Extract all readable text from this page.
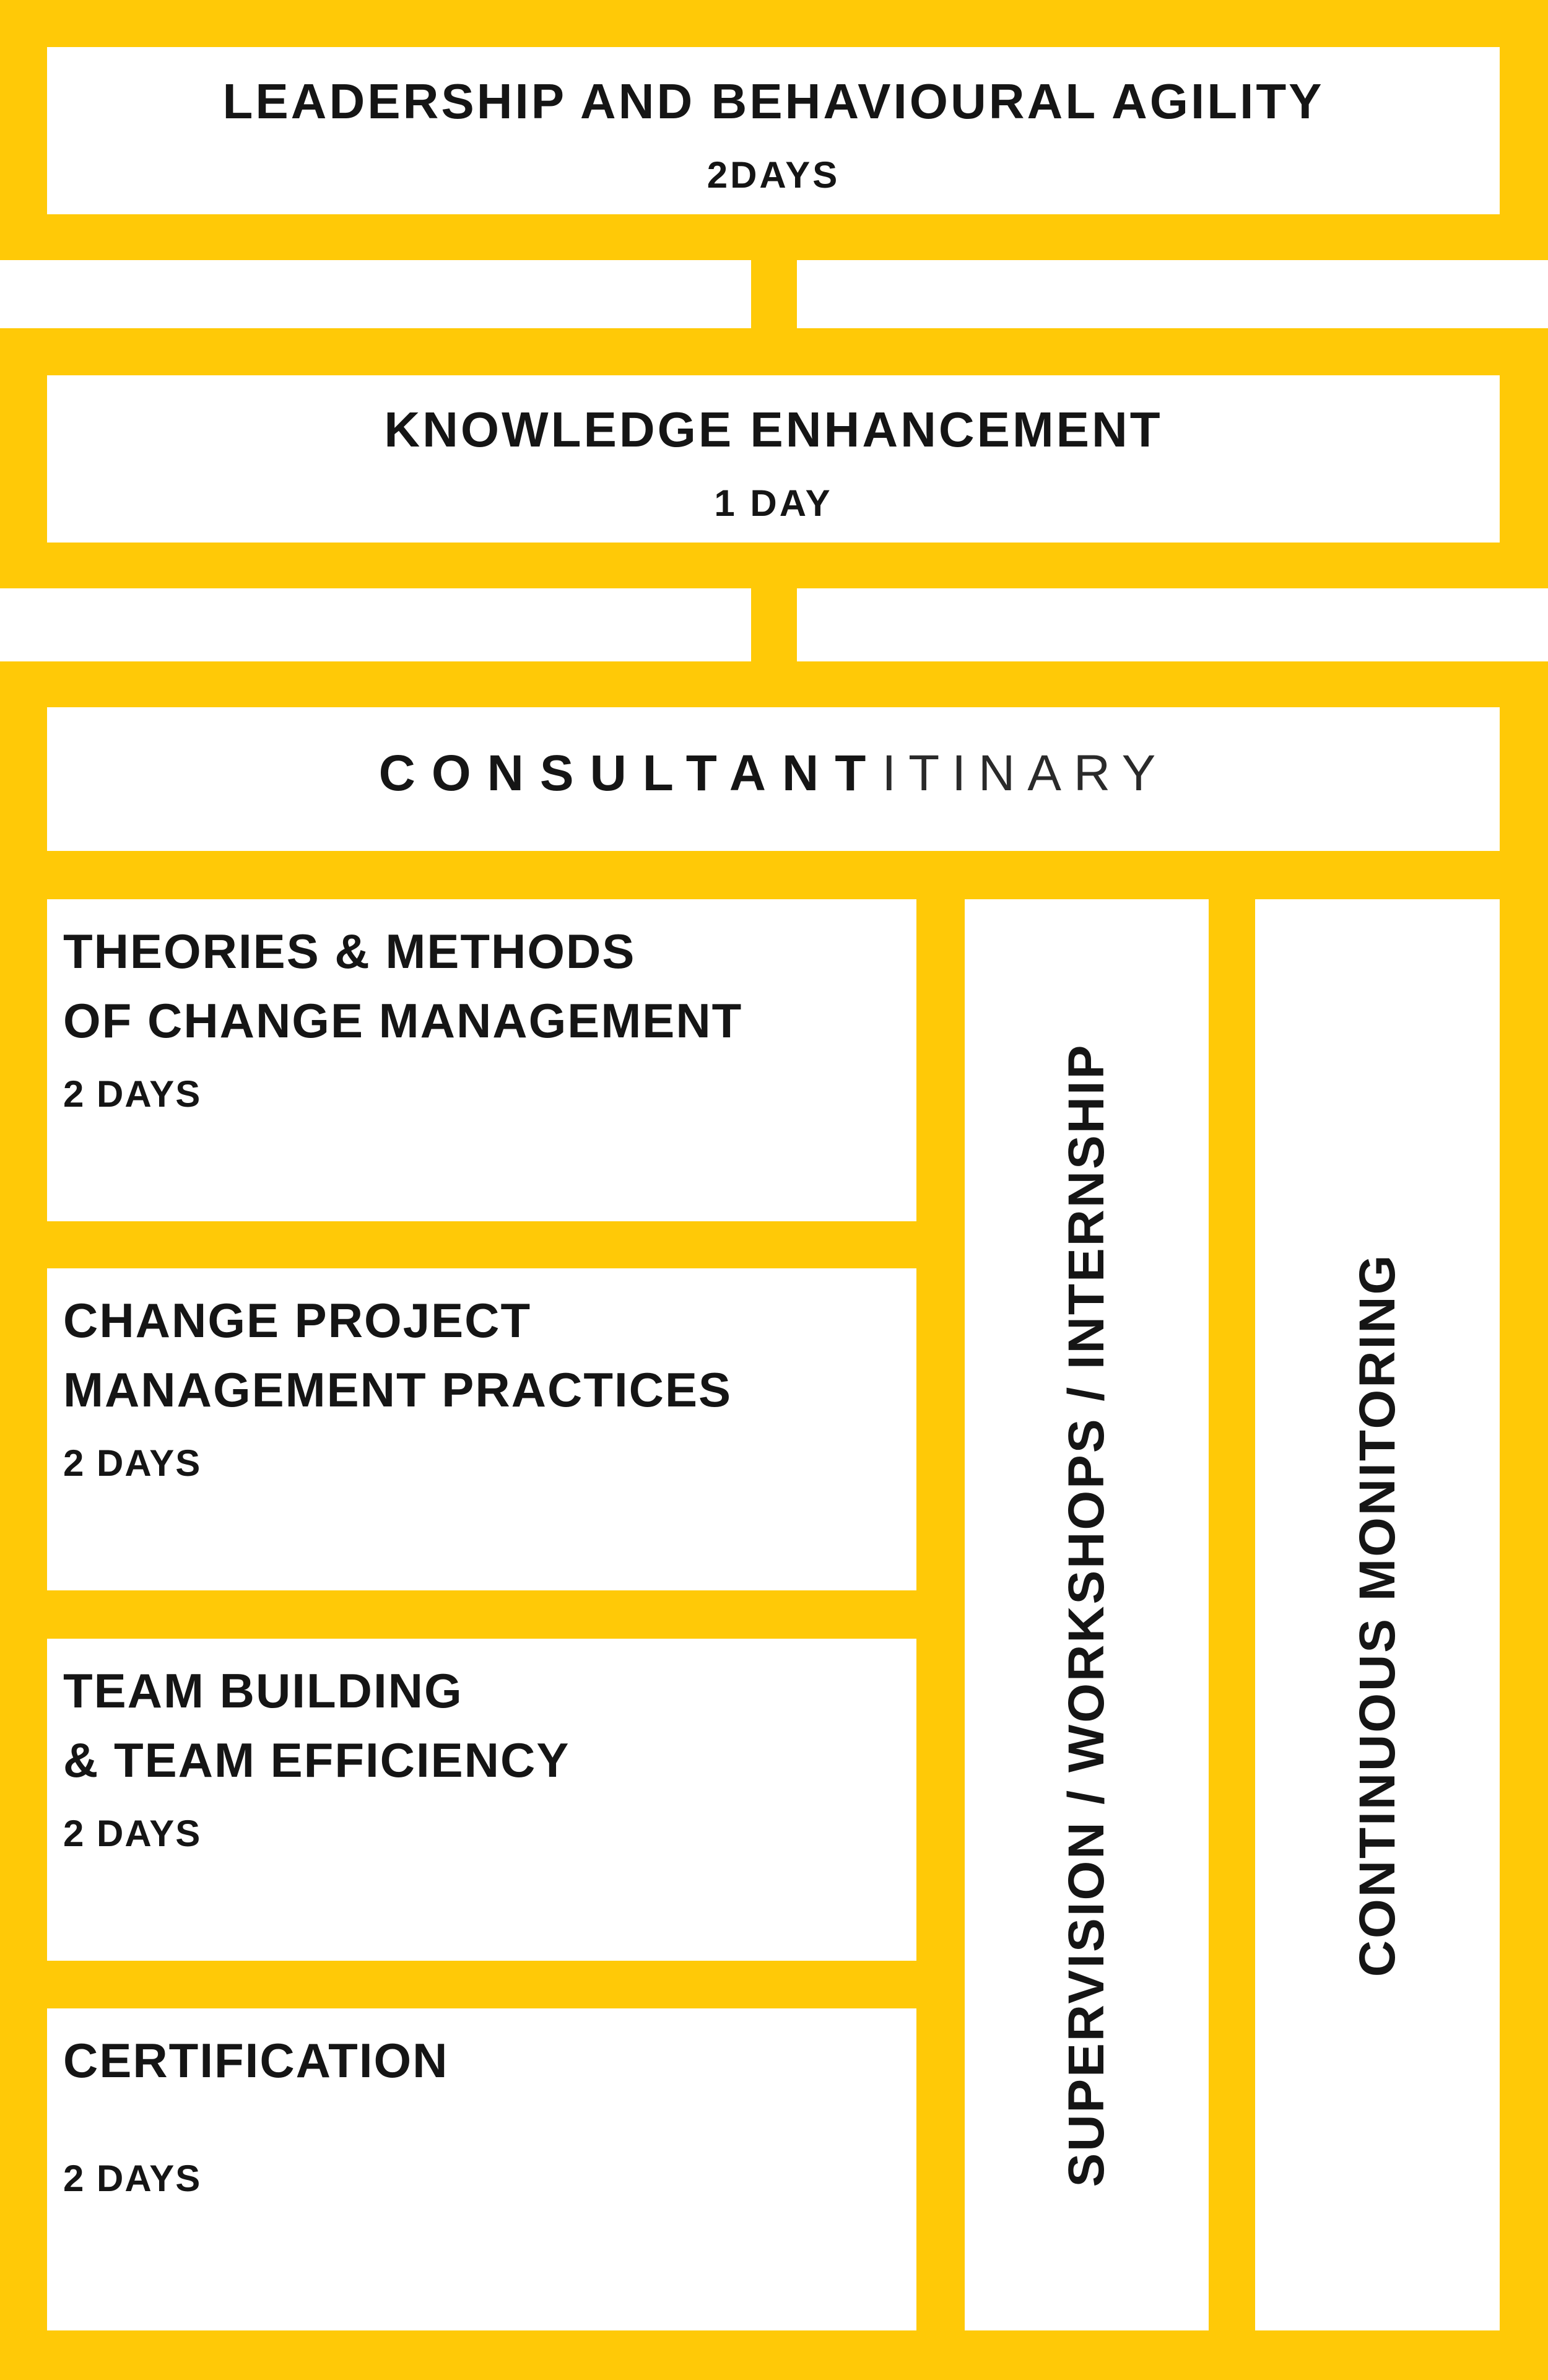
LEADERSHIP AND BEHAVIOURAL AGILITY
2DAYS
KNOWLEDGE ENHANCEMENT
1 DAY
CONSULTANTITINARY
THEORIES & METHODS
OF CHANGE MANAGEMENT
2 DAYS
CHANGE PROJECT
MANAGEMENT PRACTICES
2 DAYS
TEAM BUILDING
& TEAM EFFICIENCY
2 DAYS
CERTIFICATION
2 DAYS	SUPERVISION / WORKSHOPS / INTERNSHIP	CONTINUOUS MONITORING
